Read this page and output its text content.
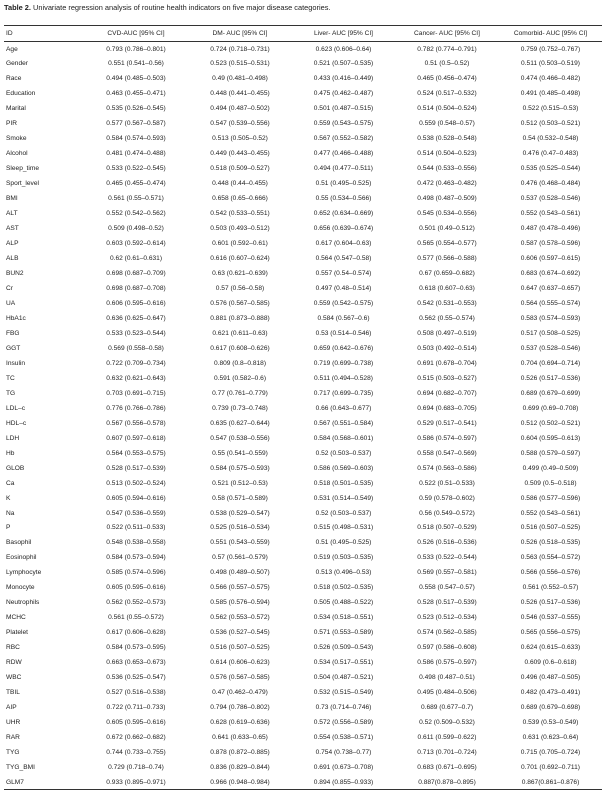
Table 2. Univariate regression analysis of routine health indicators on five major disease categories.
ID	CVD-AUC [95% CI]	DM- AUC [95% CI]	Liver- AUC [95% CI]	Cancer- AUC [95% CI]	Comorbid- AUC [95% CI]
Age	0.793 (0.786–0.801)	0.724 (0.718–0.731)	0.623 (0.606–0.64)	0.782 (0.774–0.791)	0.759 (0.752–0.767)
Gender	0.551 (0.541–0.56)	0.523 (0.515–0.531)	0.521 (0.507–0.535)	0.51 (0.5–0.52)	0.511 (0.503–0.519)
Race	0.494 (0.485–0.503)	0.49 (0.481–0.498)	0.433 (0.416–0.449)	0.465 (0.456–0.474)	0.474 (0.466–0.482)
Education	0.463 (0.455–0.471)	0.448 (0.441–0.455)	0.475 (0.462–0.487)	0.524 (0.517–0.532)	0.491 (0.485–0.498)
Marital	0.535 (0.526–0.545)	0.494 (0.487–0.502)	0.501 (0.487–0.515)	0.514 (0.504–0.524)	0.522 (0.515–0.53)
PIR	0.577 (0.567–0.587)	0.547 (0.539–0.556)	0.559 (0.543–0.575)	0.559 (0.548–0.57)	0.512 (0.503–0.521)
Smoke	0.584 (0.574–0.593)	0.513 (0.505–0.52)	0.567 (0.552–0.582)	0.538 (0.528–0.548)	0.54 (0.532–0.548)
Alcohol	0.481 (0.474–0.488)	0.449 (0.443–0.455)	0.477 (0.466–0.488)	0.514 (0.504–0.523)	0.476 (0.47–0.483)
Sleep_time	0.533 (0.522–0.545)	0.518 (0.509–0.527)	0.494 (0.477–0.511)	0.544 (0.533–0.556)	0.535 (0.525–0.544)
Sport_level	0.465 (0.455–0.474)	0.448 (0.44–0.455)	0.51 (0.495–0.525)	0.472 (0.463–0.482)	0.476 (0.468–0.484)
BMI	0.561 (0.55–0.571)	0.658 (0.65–0.666)	0.55 (0.534–0.566)	0.498 (0.487–0.509)	0.537 (0.528–0.546)
ALT	0.552 (0.542–0.562)	0.542 (0.533–0.551)	0.652 (0.634–0.669)	0.545 (0.534–0.556)	0.552 (0.543–0.561)
AST	0.509 (0.498–0.52)	0.503 (0.493–0.512)	0.656 (0.639–0.674)	0.501 (0.49–0.512)	0.487 (0.478–0.496)
ALP	0.603 (0.592–0.614)	0.601 (0.592–0.61)	0.617 (0.604–0.63)	0.565 (0.554–0.577)	0.587 (0.578–0.596)
ALB	0.62 (0.61–0.631)	0.616 (0.607–0.624)	0.564 (0.547–0.58)	0.577 (0.566–0.588)	0.606 (0.597–0.615)
BUN2	0.698 (0.687–0.709)	0.63 (0.621–0.639)	0.557 (0.54–0.574)	0.67 (0.659–0.682)	0.683 (0.674–0.692)
Cr	0.698 (0.687–0.708)	0.57 (0.56–0.58)	0.497 (0.48–0.514)	0.618 (0.607–0.63)	0.647 (0.637–0.657)
UA	0.606 (0.595–0.616)	0.576 (0.567–0.585)	0.559 (0.542–0.575)	0.542 (0.531–0.553)	0.564 (0.555–0.574)
HbA1c	0.636 (0.625–0.647)	0.881 (0.873–0.888)	0.584 (0.567–0.6)	0.562 (0.55–0.574)	0.583 (0.574–0.593)
FBG	0.533 (0.523–0.544)	0.621 (0.611–0.63)	0.53 (0.514–0.546)	0.508 (0.497–0.519)	0.517 (0.508–0.525)
GGT	0.569 (0.558–0.58)	0.617 (0.608–0.626)	0.659 (0.642–0.676)	0.503 (0.492–0.514)	0.537 (0.528–0.546)
Insulin	0.722 (0.709–0.734)	0.809 (0.8–0.818)	0.719 (0.699–0.738)	0.691 (0.678–0.704)	0.704 (0.694–0.714)
TC	0.632 (0.621–0.643)	0.591 (0.582–0.6)	0.511 (0.494–0.528)	0.515 (0.503–0.527)	0.526 (0.517–0.536)
TG	0.703 (0.691–0.715)	0.77 (0.761–0.779)	0.717 (0.699–0.735)	0.694 (0.682–0.707)	0.689 (0.679–0.699)
LDL–c	0.776 (0.766–0.786)	0.739 (0.73–0.748)	0.66 (0.643–0.677)	0.694 (0.683–0.705)	0.699 (0.69–0.708)
HDL–c	0.567 (0.556–0.578)	0.635 (0.627–0.644)	0.567 (0.551–0.584)	0.529 (0.517–0.541)	0.512 (0.502–0.521)
LDH	0.607 (0.597–0.618)	0.547 (0.538–0.556)	0.584 (0.568–0.601)	0.586 (0.574–0.597)	0.604 (0.595–0.613)
Hb	0.564 (0.553–0.575)	0.55 (0.541–0.559)	0.52 (0.503–0.537)	0.558 (0.547–0.569)	0.588 (0.579–0.597)
GLOB	0.528 (0.517–0.539)	0.584 (0.575–0.593)	0.586 (0.569–0.603)	0.574 (0.563–0.586)	0.499 (0.49–0.509)
Ca	0.513 (0.502–0.524)	0.521 (0.512–0.53)	0.518 (0.501–0.535)	0.522 (0.51–0.533)	0.509 (0.5–0.518)
K	0.605 (0.594–0.616)	0.58 (0.571–0.589)	0.531 (0.514–0.549)	0.59 (0.578–0.602)	0.586 (0.577–0.596)
Na	0.547 (0.536–0.559)	0.538 (0.529–0.547)	0.52 (0.503–0.537)	0.56 (0.549–0.572)	0.552 (0.543–0.561)
P	0.522 (0.511–0.533)	0.525 (0.516–0.534)	0.515 (0.498–0.531)	0.518 (0.507–0.529)	0.516 (0.507–0.525)
Basophil	0.548 (0.538–0.558)	0.551 (0.543–0.559)	0.51 (0.495–0.525)	0.526 (0.516–0.536)	0.526 (0.518–0.535)
Eosinophil	0.584 (0.573–0.594)	0.57 (0.561–0.579)	0.519 (0.503–0.535)	0.533 (0.522–0.544)	0.563 (0.554–0.572)
Lymphocyte	0.585 (0.574–0.596)	0.498 (0.489–0.507)	0.513 (0.496–0.53)	0.569 (0.557–0.581)	0.566 (0.556–0.576)
Monocyte	0.605 (0.595–0.616)	0.566 (0.557–0.575)	0.518 (0.502–0.535)	0.558 (0.547–0.57)	0.561 (0.552–0.57)
Neutrophils	0.562 (0.552–0.573)	0.585 (0.576–0.594)	0.505 (0.488–0.522)	0.528 (0.517–0.539)	0.526 (0.517–0.536)
MCHC	0.561 (0.55–0.572)	0.562 (0.553–0.572)	0.534 (0.518–0.551)	0.523 (0.512–0.534)	0.546 (0.537–0.555)
Platelet	0.617 (0.606–0.628)	0.536 (0.527–0.545)	0.571 (0.553–0.589)	0.574 (0.562–0.585)	0.565 (0.556–0.575)
RBC	0.584 (0.573–0.595)	0.516 (0.507–0.525)	0.526 (0.509–0.543)	0.597 (0.586–0.608)	0.624 (0.615–0.633)
RDW	0.663 (0.653–0.673)	0.614 (0.606–0.623)	0.534 (0.517–0.551)	0.586 (0.575–0.597)	0.609 (0.6–0.618)
WBC	0.536 (0.525–0.547)	0.576 (0.567–0.585)	0.504 (0.487–0.521)	0.498 (0.487–0.51)	0.496 (0.487–0.505)
TBIL	0.527 (0.516–0.538)	0.47 (0.462–0.479)	0.532 (0.515–0.549)	0.495 (0.484–0.506)	0.482 (0.473–0.491)
AIP	0.722 (0.711–0.733)	0.794 (0.786–0.802)	0.73 (0.714–0.746)	0.689 (0.677–0.7)	0.689 (0.679–0.698)
UHR	0.605 (0.595–0.616)	0.628 (0.619–0.636)	0.572 (0.556–0.589)	0.52 (0.509–0.532)	0.539 (0.53–0.549)
RAR	0.672 (0.662–0.682)	0.641 (0.633–0.65)	0.554 (0.538–0.571)	0.611 (0.599–0.622)	0.631 (0.623–0.64)
TYG	0.744 (0.733–0.755)	0.878 (0.872–0.885)	0.754 (0.738–0.77)	0.713 (0.701–0.724)	0.715 (0.705–0.724)
TYG_BMI	0.729 (0.718–0.74)	0.836 (0.829–0.844)	0.691 (0.673–0.708)	0.683 (0.671–0.695)	0.701 (0.692–0.711)
GLM7	0.933 (0.895–0.971)	0.966 (0.948–0.984)	0.894 (0.855–0.933)	0.887(0.878–0.895)	0.867(0.861–0.876)
